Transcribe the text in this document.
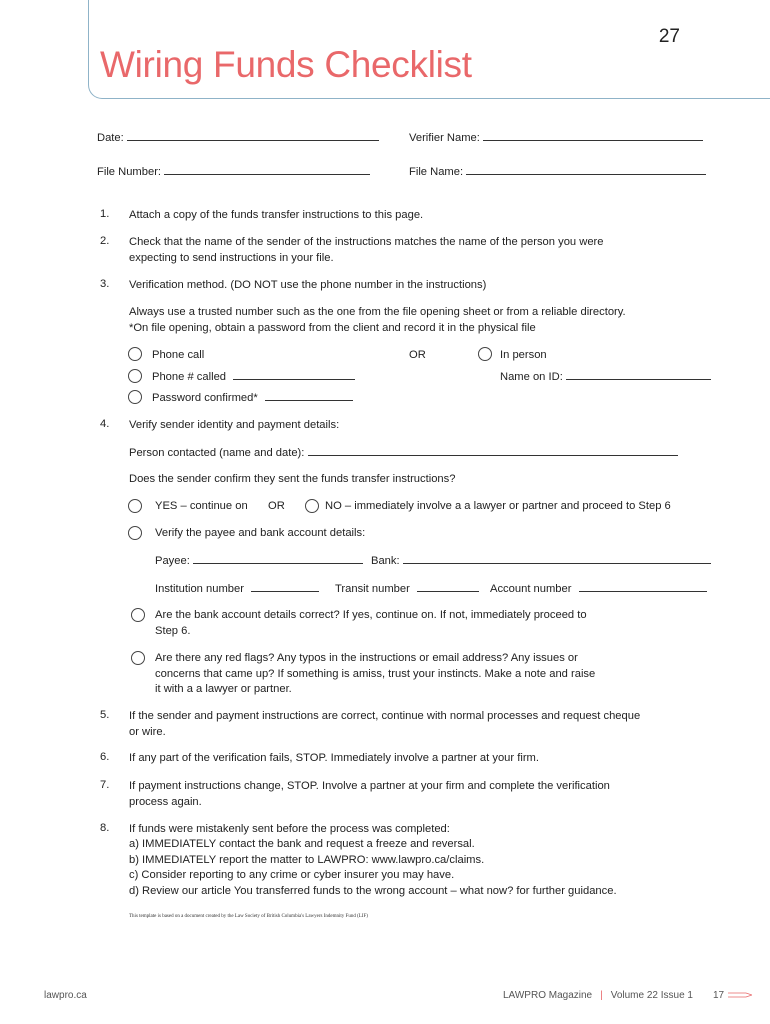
27
Wiring Funds Checklist
Date:	Verifier Name:
File Number:	File Name:
1. Attach a copy of the funds transfer instructions to this page.
2. Check that the name of the sender of the instructions matches the name of the person you were
expecting to send instructions in your file.
3. Verification method. (DO NOT use the phone number in the instructions)
Always use a trusted number such as the one from the file opening sheet or from a reliable directory.
*On file opening, obtain a password from the client and record it in the physical file
Phone call	OR	In person
Phone # called	Name on ID:
Password confirmed*
4. Verify sender identity and payment details:
Person contacted (name and date):
Does the sender confirm they sent the funds transfer instructions?
YES – continue on OR	NO – immediately involve a a lawyer or partner and proceed to Step 6
Verify the payee and bank account details:
Payee:	Bank:
Institution number	Transit number	Account number
Are the bank account details correct? If yes, continue on. If not, immediately proceed to
Step 6.
Are there any red flags? Any typos in the instructions or email address? Any issues or
concerns that came up? If something is amiss, trust your instincts. Make a note and raise
it with a a lawyer or partner.
5. If the sender and payment instructions are correct, continue with normal processes and request cheque
or wire.
6. If any part of the verification fails, STOP. Immediately involve a partner at your firm.
7. If payment instructions change, STOP. Involve a partner at your firm and complete the verification
process again.
8. If funds were mistakenly sent before the process was completed:
a) IMMEDIATELY contact the bank and request a freeze and reversal.
b) IMMEDIATELY report the matter to LAWPRO: www.lawpro.ca/claims.
c) Consider reporting to any crime or cyber insurer you may have.
d) Review our article You transferred funds to the wrong account – what now? for further guidance.
This template is based on a document created by the Law Society of British Columbia's Lawyers Indemnity Fund (LIF)
lawpro.ca	LAWPRO Magazine | Volume 22 Issue 1 17
